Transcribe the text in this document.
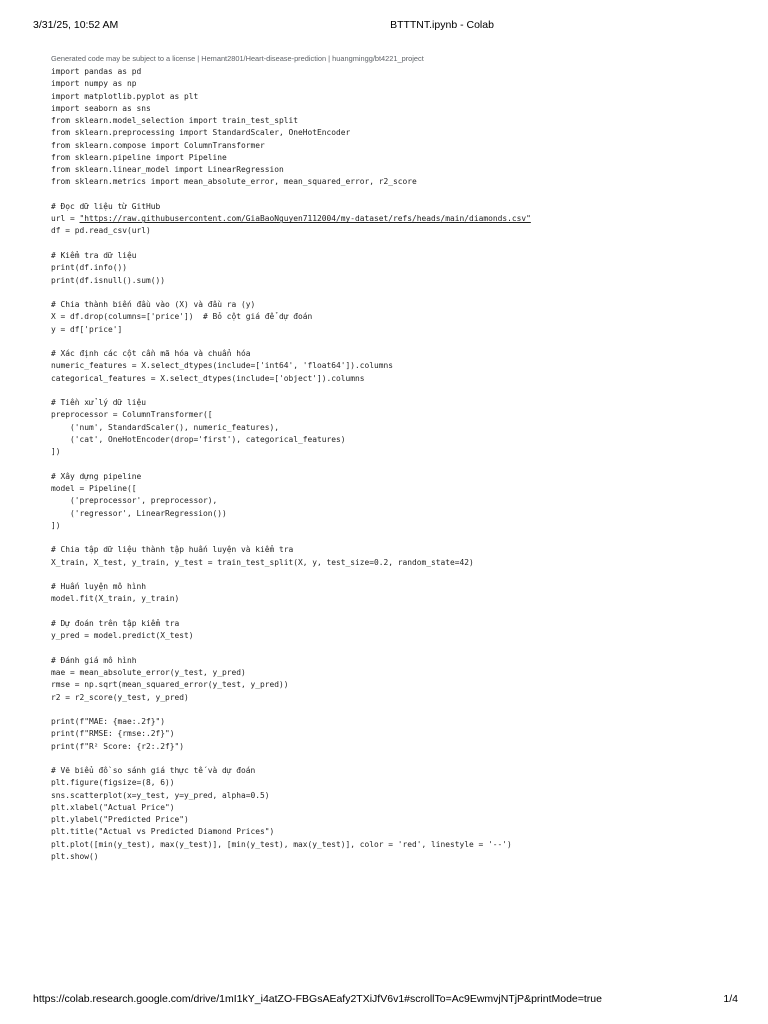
3/31/25, 10:52 AM	BTTTNT.ipynb - Colab
Generated code may be subject to a license | Hemant2801/Heart-disease-prediction | huangmingg/bt4221_project
import pandas as pd
import numpy as np
import matplotlib.pyplot as plt
import seaborn as sns
from sklearn.model_selection import train_test_split
from sklearn.preprocessing import StandardScaler, OneHotEncoder
from sklearn.compose import ColumnTransformer
from sklearn.pipeline import Pipeline
from sklearn.linear_model import LinearRegression
from sklearn.metrics import mean_absolute_error, mean_squared_error, r2_score
# Đọc dữ liệu từ GitHub
url = "https://raw.githubusercontent.com/GiaBaoNguyen7112004/my-dataset/refs/heads/main/diamonds.csv"
df = pd.read_csv(url)
# Kiểm tra dữ liệu
print(df.info())
print(df.isnull().sum())
# Chia thành biến đầu vào (X) và đầu ra (y)
X = df.drop(columns=['price'])  # Bỏ cột giá để dự đoán
y = df['price']
# Xác định các cột cần mã hóa và chuẩn hóa
numeric_features = X.select_dtypes(include=['int64', 'float64']).columns
categorical_features = X.select_dtypes(include=['object']).columns
# Tiền xử lý dữ liệu
preprocessor = ColumnTransformer([
('num', StandardScaler(), numeric_features),
('cat', OneHotEncoder(drop='first'), categorical_features)
])
# Xây dựng pipeline
model = Pipeline([
('preprocessor', preprocessor),
('regressor', LinearRegression())
])
# Chia tập dữ liệu thành tập huấn luyện và kiểm tra
X_train, X_test, y_train, y_test = train_test_split(X, y, test_size=0.2, random_state=42)
# Huấn luyện mô hình
model.fit(X_train, y_train)
# Dự đoán trên tập kiểm tra
y_pred = model.predict(X_test)
# Đánh giá mô hình
mae = mean_absolute_error(y_test, y_pred)
rmse = np.sqrt(mean_squared_error(y_test, y_pred))
r2 = r2_score(y_test, y_pred)
print(f"MAE: {mae:.2f}")
print(f"RMSE: {rmse:.2f}")
print(f"R² Score: {r2:.2f}")
# Vẽ biểu đồ so sánh giá thực tế và dự đoán
plt.figure(figsize=(8, 6))
sns.scatterplot(x=y_test, y=y_pred, alpha=0.5)
plt.xlabel("Actual Price")
plt.ylabel("Predicted Price")
plt.title("Actual vs Predicted Diamond Prices")
plt.plot([min(y_test), max(y_test)], [min(y_test), max(y_test)], color = 'red', linestyle = '--')
plt.show()
https://colab.research.google.com/drive/1mI1kY_i4atZO-FBGsAEafy2TXiJfV6v1#scrollTo=Ac9EwmvjNTjP&printMode=true	1/4
